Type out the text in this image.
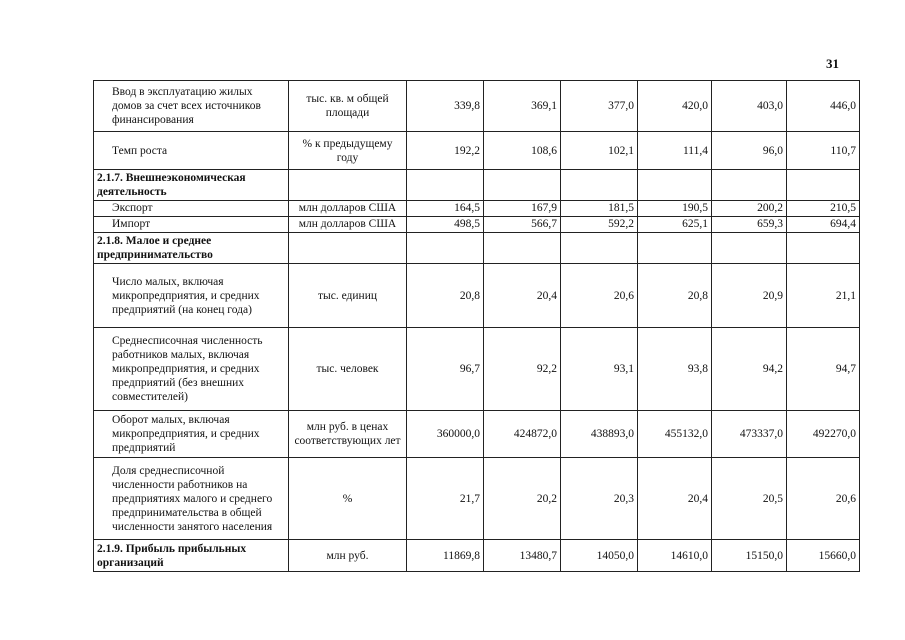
31
Ввод в эксплуатацию жилых домов за счет всех источников финансирования	тыс. кв. м общей площади	339,8	369,1	377,0	420,0	403,0	446,0
Темп роста	% к предыдущему году	192,2	108,6	102,1	111,4	96,0	110,7
2.1.7. Внешнеэкономическая деятельность							
Экспорт	млн долларов США	164,5	167,9	181,5	190,5	200,2	210,5
Импорт	млн долларов США	498,5	566,7	592,2	625,1	659,3	694,4
2.1.8. Малое и среднее предпринимательство							
Число малых, включая микропредприятия, и средних предприятий (на конец года)	тыс. единиц	20,8	20,4	20,6	20,8	20,9	21,1
Среднесписочная численность работников малых, включая микропредприятия, и средних предприятий (без внешних совместителей)	тыс. человек	96,7	92,2	93,1	93,8	94,2	94,7
Оборот малых, включая микропредприятия, и средних предприятий	млн руб. в ценах соответствующих лет	360000,0	424872,0	438893,0	455132,0	473337,0	492270,0
Доля среднесписочной численности работников на предприятиях малого и среднего предпринимательства в общей численности занятого населения	%	21,7	20,2	20,3	20,4	20,5	20,6
2.1.9. Прибыль прибыльных организаций	млн руб.	11869,8	13480,7	14050,0	14610,0	15150,0	15660,0
